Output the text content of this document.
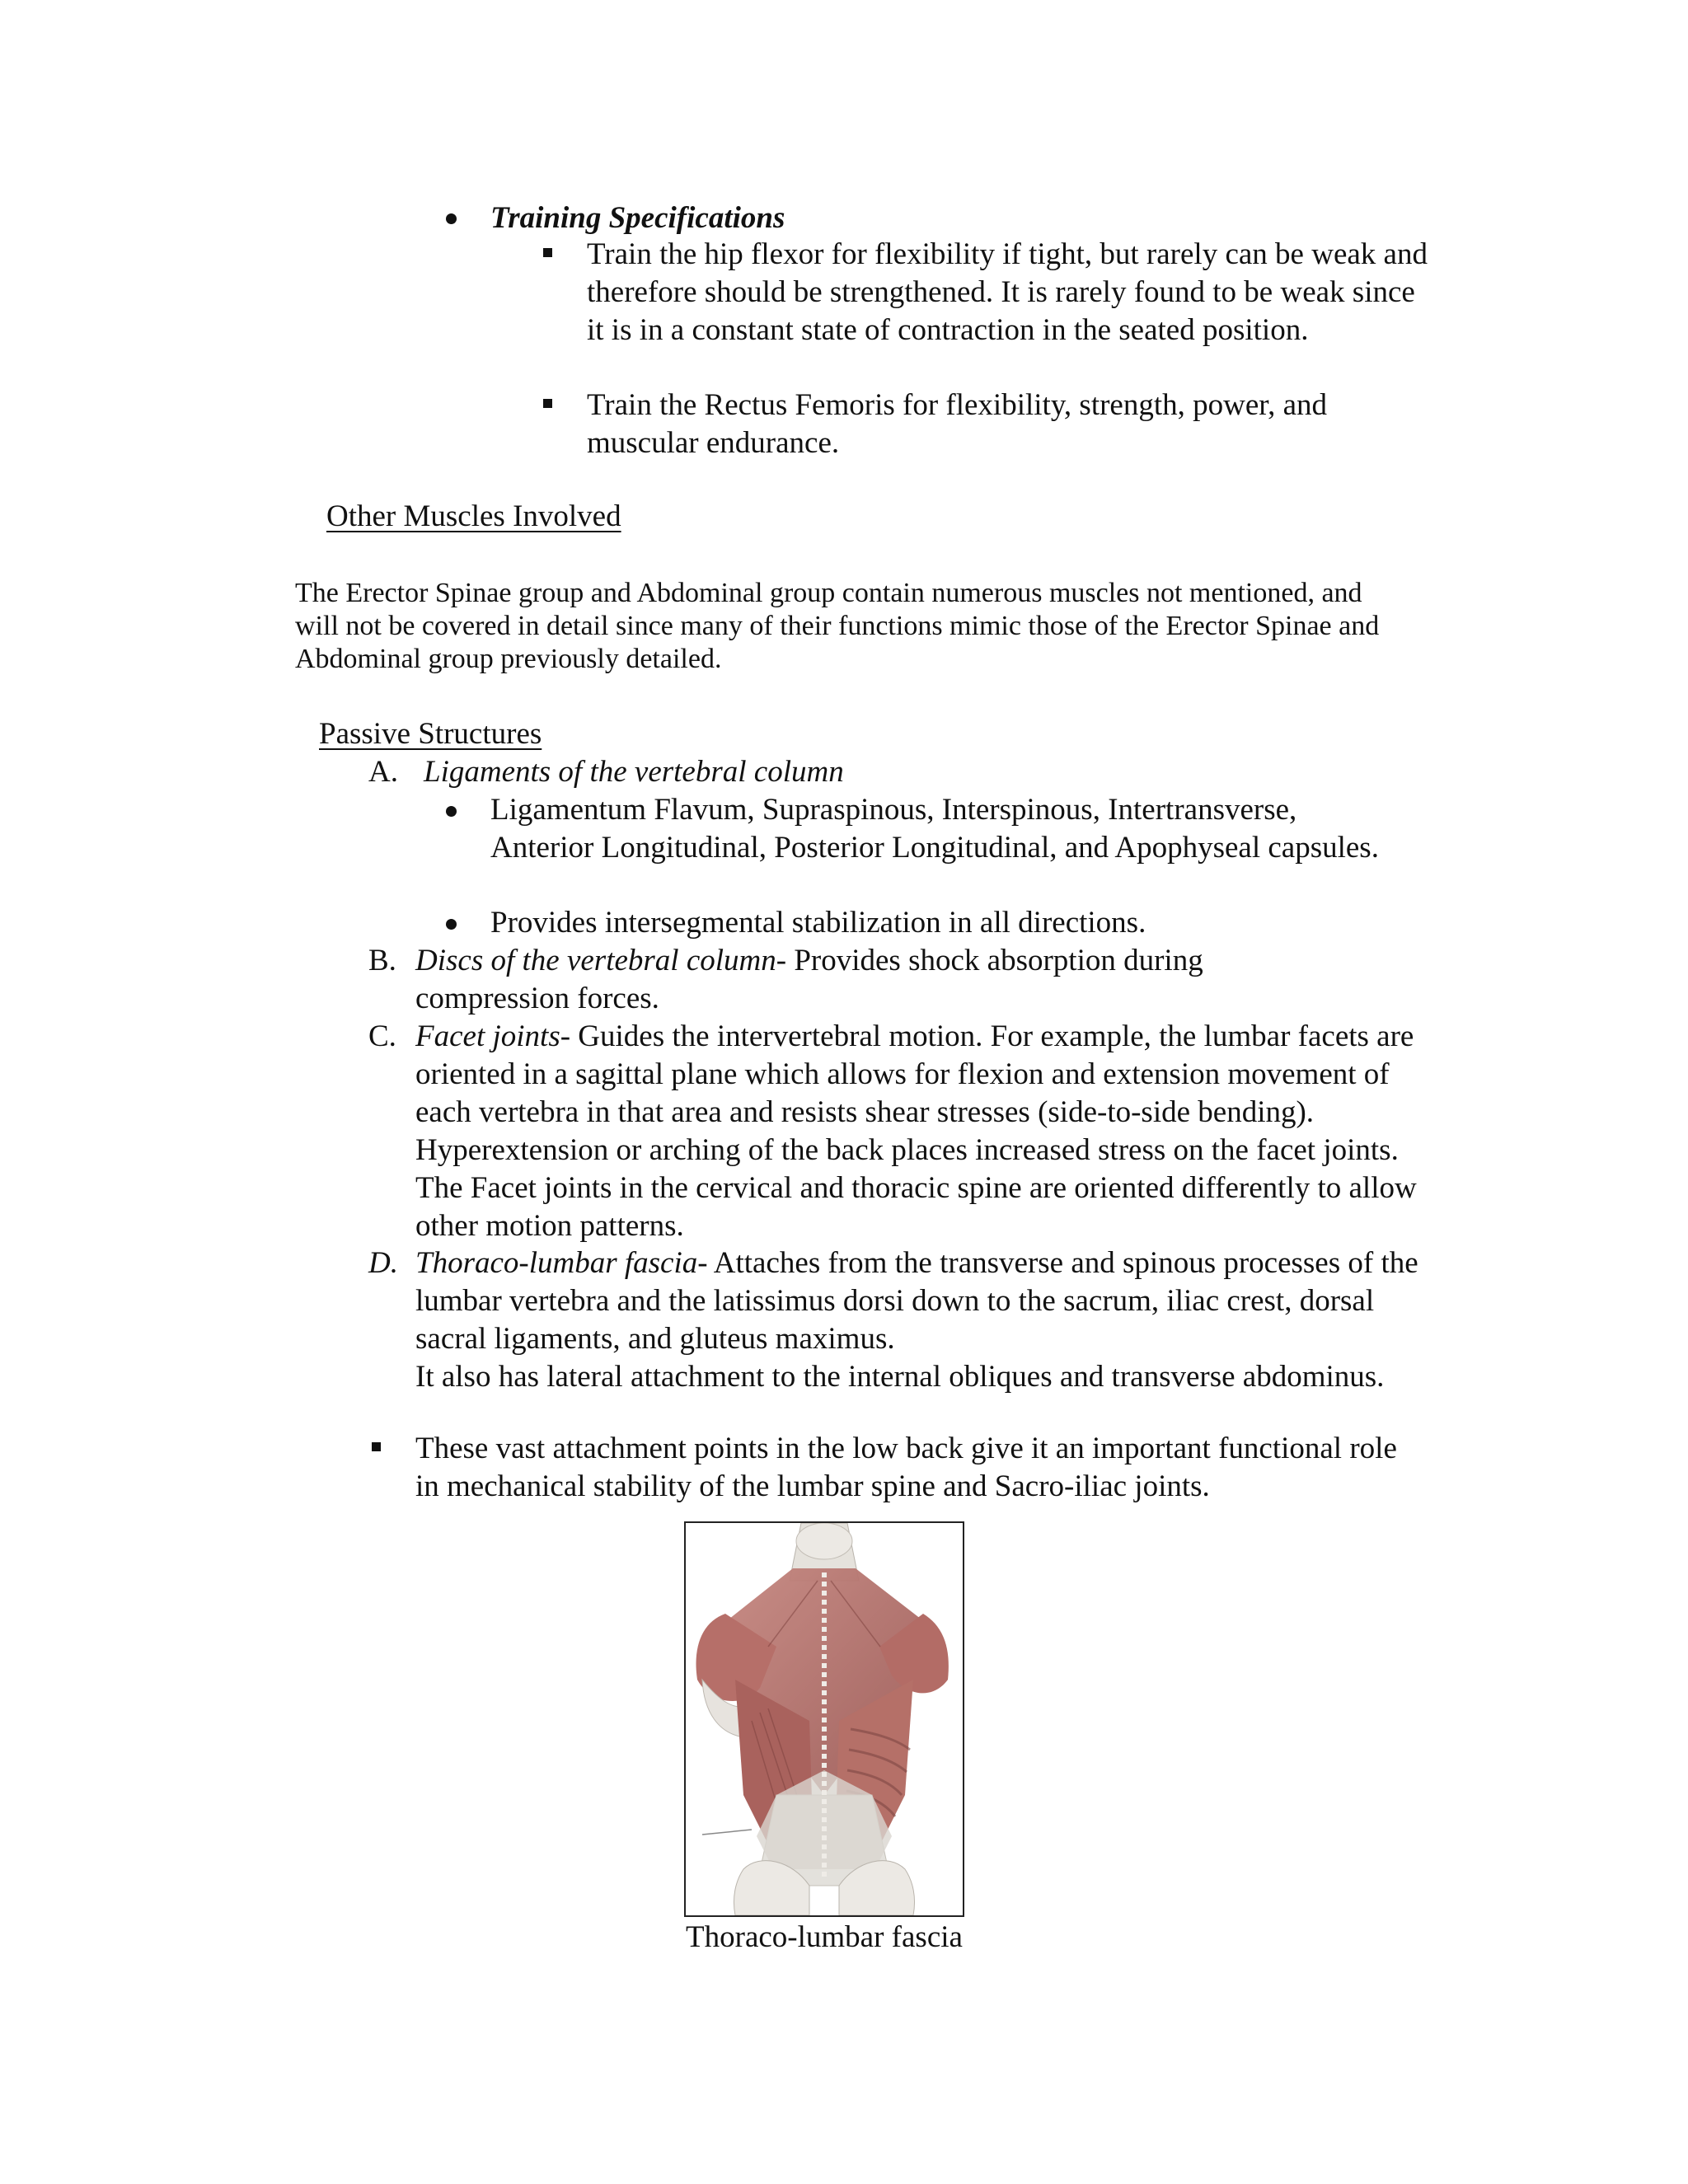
Training Specifications

Train the hip flexor for flexibility if tight, but rarely can be weak and therefore should be strengthened. It is rarely found to be weak since it is in a constant state of contraction in the seated position.

Train the Rectus Femoris for flexibility, strength, power, and muscular endurance.

Other Muscles Involved

The Erector Spinae group and Abdominal group contain numerous muscles not mentioned, and will not be covered in detail since many of their functions mimic those of the Erector Spinae and Abdominal group previously detailed.

Passive Structures
A. Ligaments of the vertebral column

Ligamentum Flavum, Supraspinous, Interspinous, Intertransverse, Anterior Longitudinal, Posterior Longitudinal, and Apophyseal capsules.

Provides intersegmental stabilization in all directions.

B. Discs of the vertebral column- Provides shock absorption during compression forces.

C. Facet joints- Guides the intervertebral motion. For example, the lumbar facets are oriented in a sagittal plane which allows for flexion and extension movement of each vertebra in that area and resists shear stresses (side-to-side bending). Hyperextension or arching of the back places increased stress on the facet joints. The Facet joints in the cervical and thoracic spine are oriented differently to allow other motion patterns.

D. Thoraco-lumbar fascia- Attaches from the transverse and spinous processes of the lumbar vertebra and the latissimus dorsi down to the sacrum, iliac crest, dorsal sacral ligaments, and gluteus maximus.

It also has lateral attachment to the internal obliques and transverse abdominus.

These vast attachment points in the low back give it an important functional role in mechanical stability of the lumbar spine and Sacro-iliac joints.

Thoraco-lumbar fascia
